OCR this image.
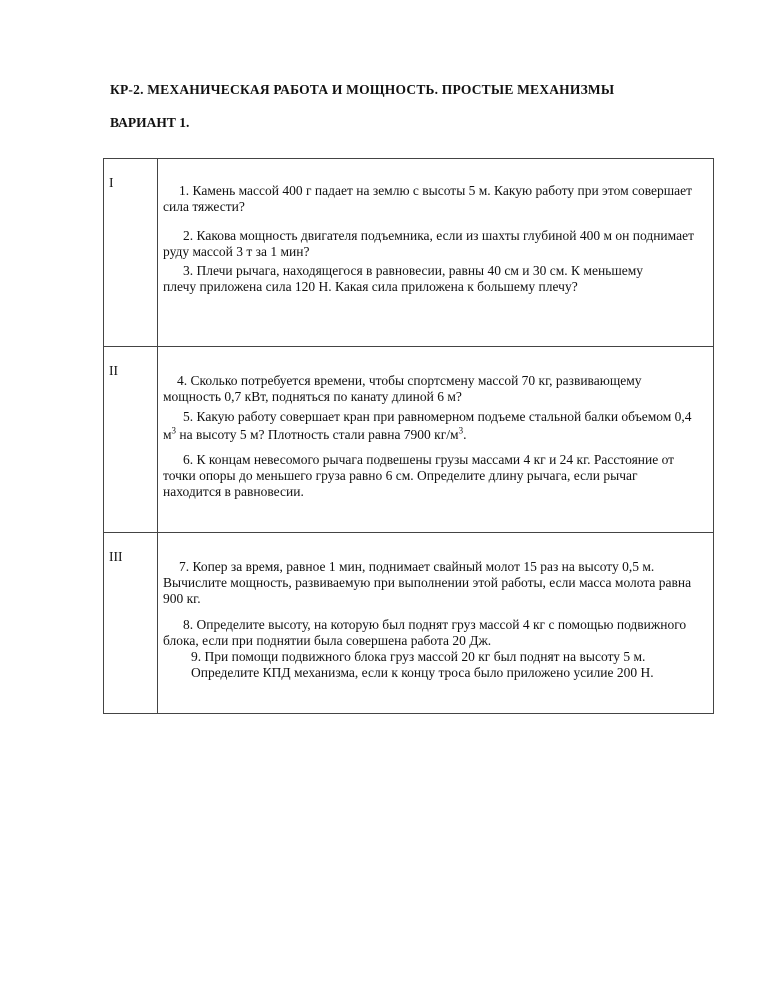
КР-2. МЕХАНИЧЕСКАЯ РАБОТА И МОЩНОСТЬ. ПРОСТЫЕ МЕХАНИЗМЫ
ВАРИАНТ 1.
I	1. Камень массой 400 г падает на землю с высоты 5 м. Какую работу при этом совершает сила тяжести?

2. Какова мощность двигателя подъемника, если из шахты глубиной 400 м он поднимает руду массой 3 т за 1 мин?

3. Плечи рычага, находящегося в равновесии, равны 40 см и 30 см. К меньшему плечу приложена сила 120 Н. Какая сила приложена к большему плечу?

II	4. Сколько потребуется времени, чтобы спортсмену массой 70 кг, развивающему мощность 0,7 кВт, подняться по канату длиной 6 м?

5. Какую работу совершает кран при равномерном подъеме стальной балки объемом 0,4 $м^3$ на высоту 5 м? Плотность стали равна 7900 $кг/м^3$.

6. К концам невесомого рычага подвешены грузы массами 4 кг и 24 кг. Расстояние от точки опоры до меньшего груза равно 6 см. Определите длину рычага, если рычаг находится в равновесии.

III	7. Копер за время, равное 1 мин, поднимает свайный молот 15 раз на высоту 0,5 м. Вычислите мощность, развиваемую при выполнении этой работы, если масса молота равна 900 кг.

8. Определите высоту, на которую был поднят груз массой 4 кг с помощью подвижного блока, если при поднятии была совершена работа 20 Дж.

9. При помощи подвижного блока груз массой 20 кг был поднят на высоту 5 м. Определите КПД механизма, если к концу троса было приложено усилие 200 Н.
